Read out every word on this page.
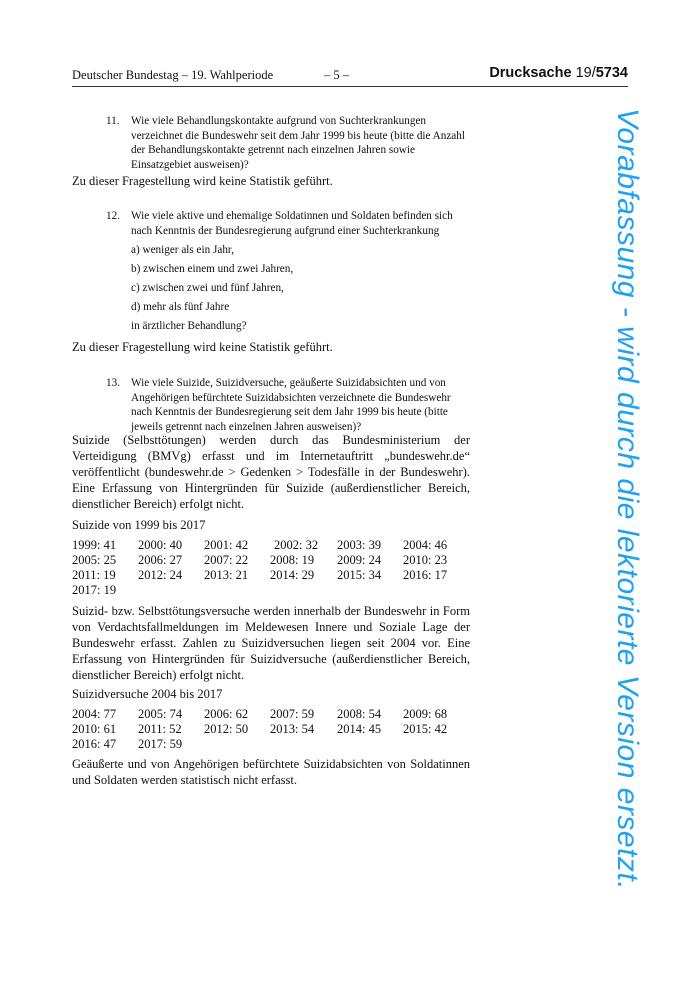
Deutscher Bundestag – 19. Wahlperiode	– 5 –	Drucksache 19/5734
Vorabfassung - wird durch die lektorierte Version ersetzt.
11. Wie viele Behandlungskontakte aufgrund von Suchterkrankungen verzeichnet die Bundeswehr seit dem Jahr 1999 bis heute (bitte die Anzahl der Behandlungskontakte getrennt nach einzelnen Jahren sowie Einsatzgebiet ausweisen)?
Zu dieser Fragestellung wird keine Statistik geführt.
12. Wie viele aktive und ehemalige Soldatinnen und Soldaten befinden sich nach Kenntnis der Bundesregierung aufgrund einer Suchterkrankung
a) weniger als ein Jahr,
b) zwischen einem und zwei Jahren,
c) zwischen zwei und fünf Jahren,
d) mehr als fünf Jahre
in ärztlicher Behandlung?
Zu dieser Fragestellung wird keine Statistik geführt.
13. Wie viele Suizide, Suizidversuche, geäußerte Suizidabsichten und von Angehörigen befürchtete Suizidabsichten verzeichnete die Bundeswehr nach Kenntnis der Bundesregierung seit dem Jahr 1999 bis heute (bitte jeweils getrennt nach einzelnen Jahren ausweisen)?
Suizide (Selbsttötungen) werden durch das Bundesministerium der Verteidigung (BMVg) erfasst und im Internetauftritt „bundeswehr.de“ veröffentlicht (bundeswehr.de > Gedenken > Todesfälle in der Bundeswehr). Eine Erfassung von Hintergründen für Suizide (außerdienstlicher Bereich, dienstlicher Bereich) erfolgt nicht.
Suizide von 1999 bis 2017
1999: 41 2000: 40 2001: 42 2002: 32 2003: 39 2004: 46
2005: 25 2006: 27 2007: 22 2008: 19 2009: 24 2010: 23
2011: 19 2012: 24 2013: 21 2014: 29 2015: 34 2016: 17
2017: 19
Suizid- bzw. Selbsttötungsversuche werden innerhalb der Bundeswehr in Form von Verdachtsfallmeldungen im Meldewesen Innere und Soziale Lage der Bundeswehr erfasst. Zahlen zu Suizidversuchen liegen seit 2004 vor. Eine Erfassung von Hintergründen für Suizidversuche (außerdienstlicher Bereich, dienstlicher Bereich) erfolgt nicht.
Suizidversuche 2004 bis 2017
2004: 77 2005: 74 2006: 62 2007: 59 2008: 54 2009: 68
2010: 61 2011: 52 2012: 50 2013: 54 2014: 45 2015: 42
2016: 47 2017: 59
Geäußerte und von Angehörigen befürchtete Suizidabsichten von Soldatinnen und Soldaten werden statistisch nicht erfasst.
